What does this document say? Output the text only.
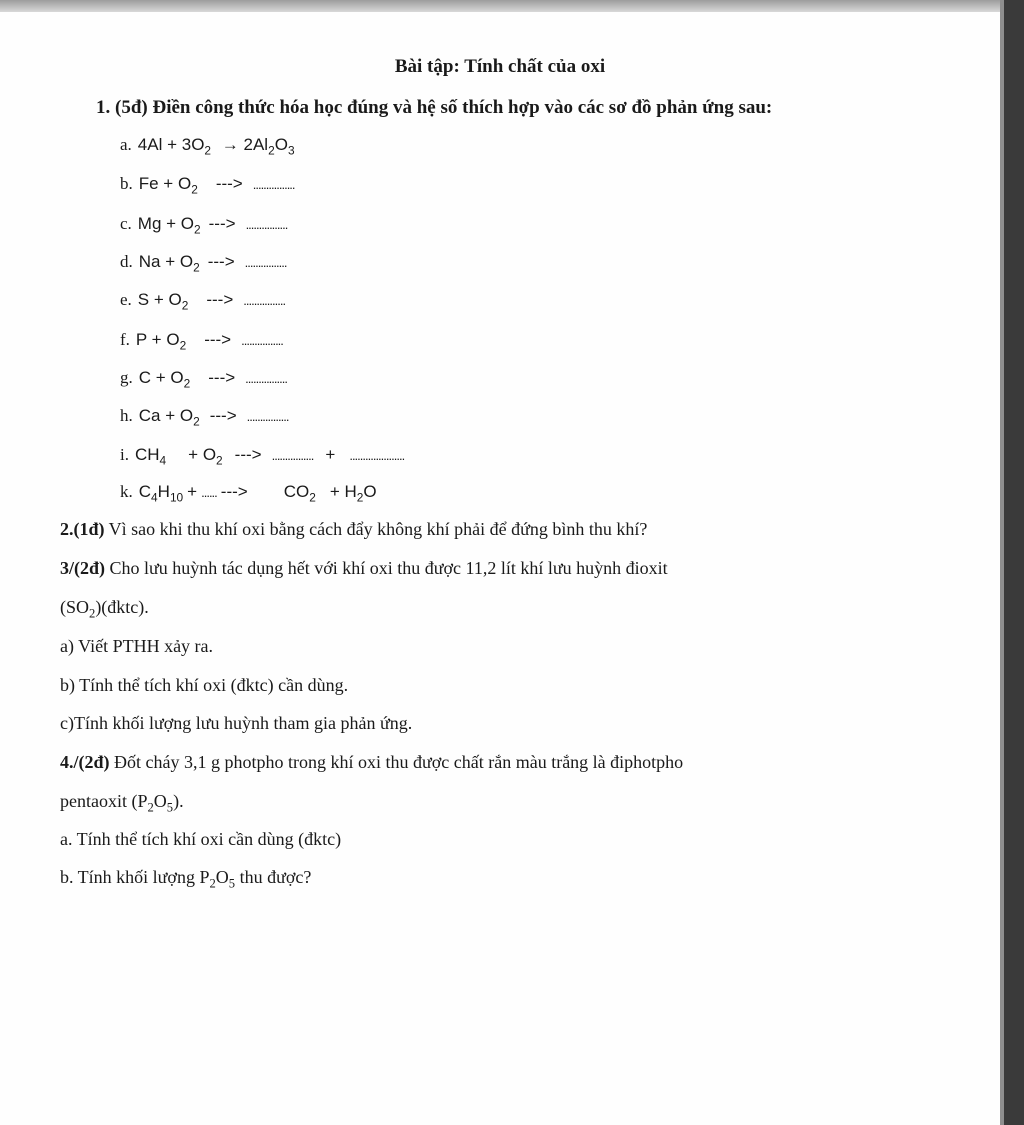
Bài tập: Tính chất của oxi
1. (5đ) Điền công thức hóa học đúng và hệ số thích hợp vào các sơ đồ phản ứng sau:
a. $4Al + 3O_2 \to 2Al_2O_3$
b. $Fe + O_2$ ---> ................
c. $Mg + O_2$ ---> ................
d. $Na + O_2$ ---> ................
e. $S + O_2$ ---> ................
f. $P + O_2$ ---> ................
g. $C + O_2$ ---> ................
h. $Ca + O_2$ ---> ................
i. $CH_4 + O_2$ ---> ................ + .....................
k. $C_4H_{10}$ + ...... ---> $CO_2 + H_2O$
2.(1đ) Vì sao khi thu khí oxi bằng cách đẩy không khí phải để đứng bình thu khí?
3/(2đ) Cho lưu huỳnh tác dụng hết với khí oxi thu được 11,2 lít khí lưu huỳnh đioxit
$(SO_2)(đktc)$.
a) Viết PTHH xảy ra.
b) Tính thể tích khí oxi (đktc) cần dùng.
c)Tính khối lượng lưu huỳnh tham gia phản ứng.
4./(2đ) Đốt cháy 3,1 g photpho trong khí oxi thu được chất rắn màu trắng là điphotpho
pentaoxit $(P_2O_5)$.
a. Tính thể tích khí oxi cần dùng (đktc)
b. Tính khối lượng $P_2O_5$ thu được?
